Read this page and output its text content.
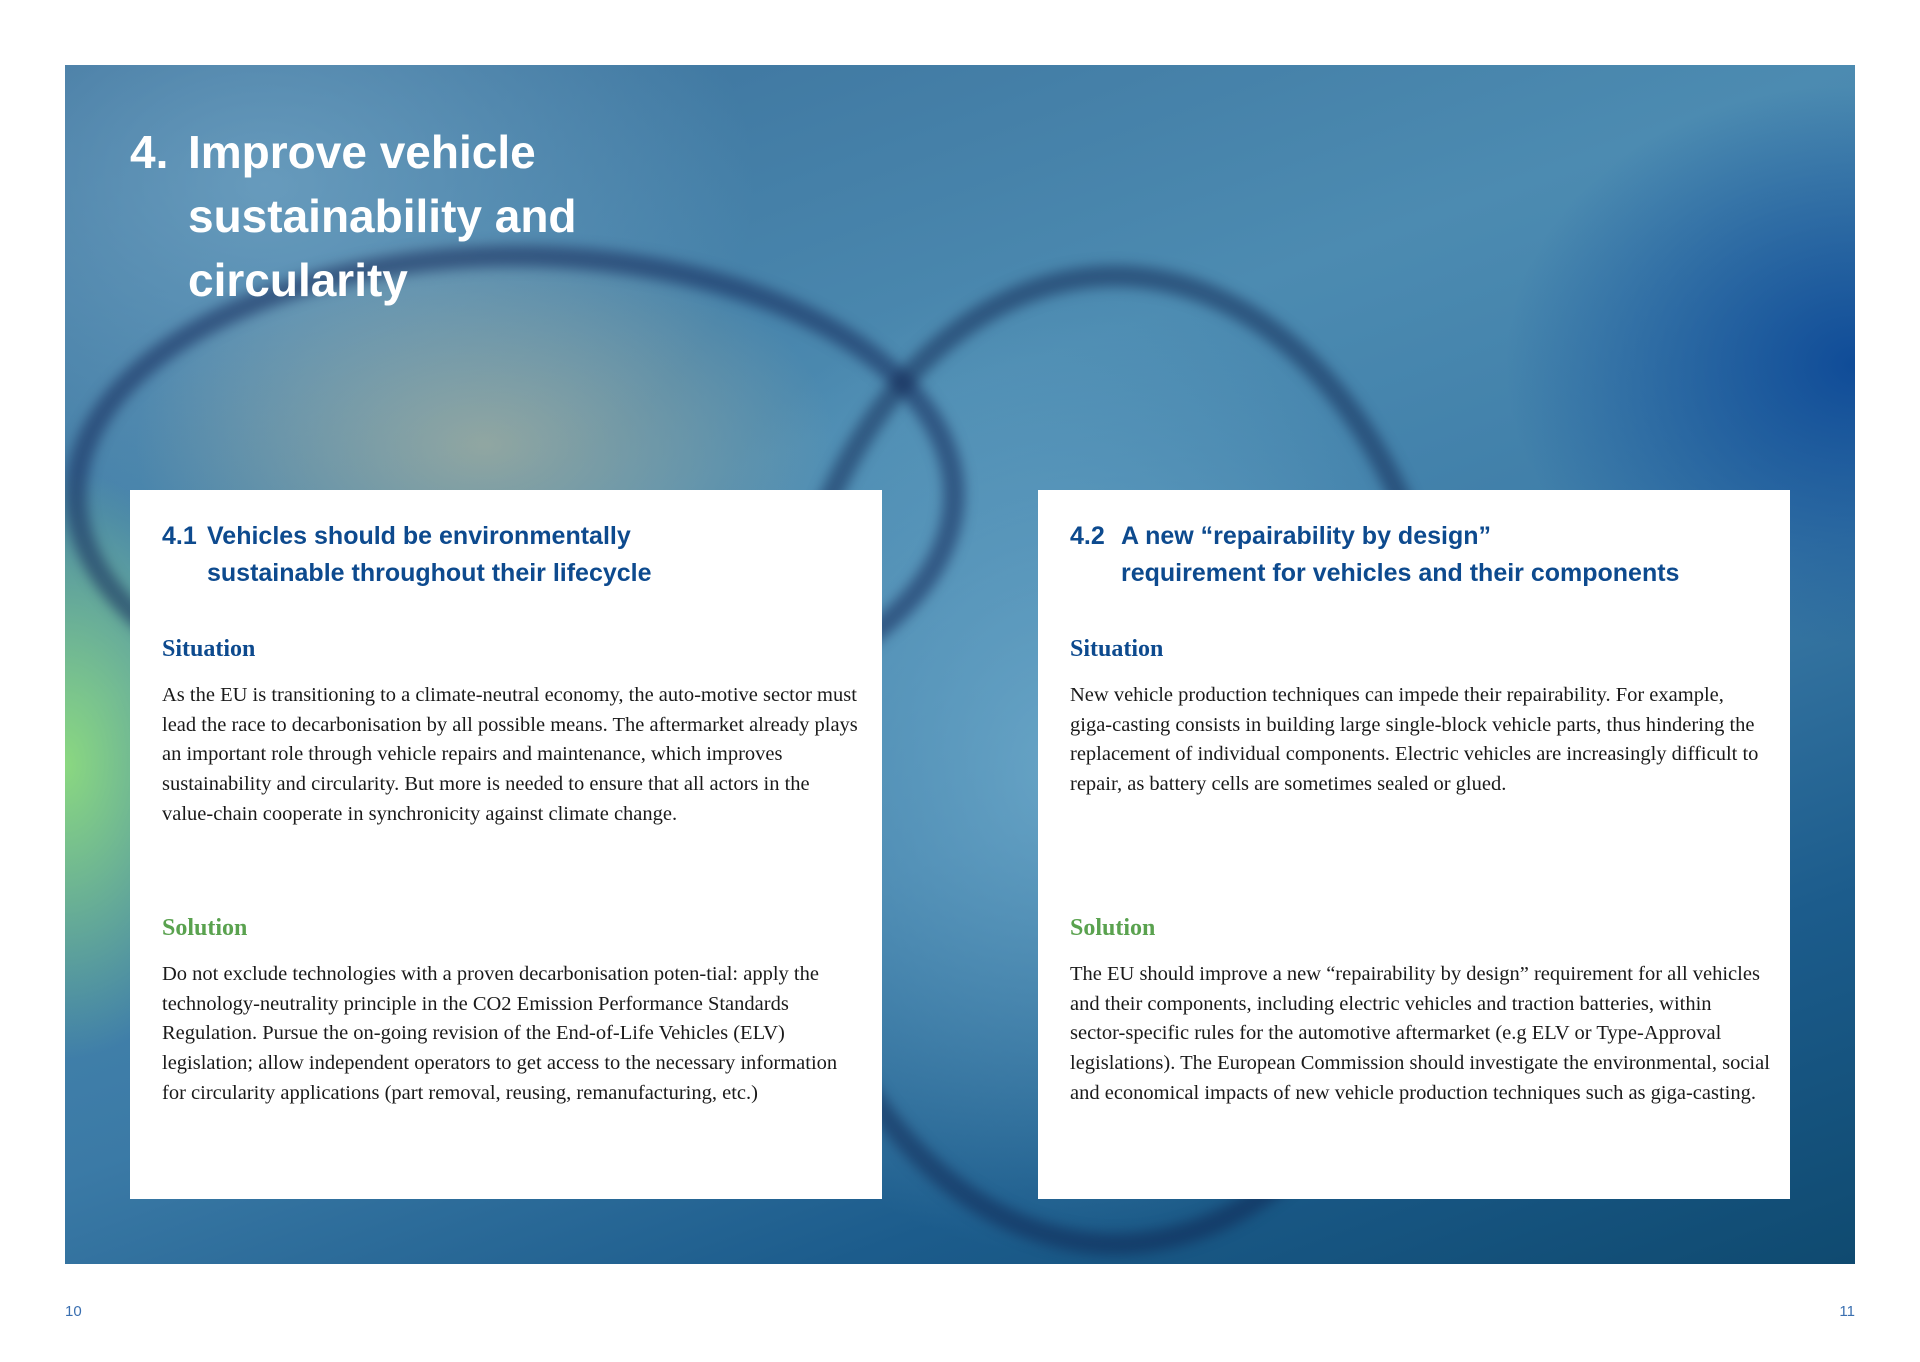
4. Improve vehicle
sustainability and
circularity
4.1 Vehicles should be environmentally
sustainable throughout their lifecycle
Situation

As the EU is transitioning to a climate-neutral economy, the auto-motive sector must lead the race to decarbonisation by all possible means. The aftermarket already plays an important role through vehicle repairs and maintenance, which improves sustainability and circularity. But more is needed to ensure that all actors in the value-chain cooperate in synchronicity against climate change.

Solution

Do not exclude technologies with a proven decarbonisation poten-tial: apply the technology-neutrality principle in the CO2 Emission Performance Standards Regulation. Pursue the on-going revision of the End-of-Life Vehicles (ELV) legislation; allow independent operators to get access to the necessary information for circularity applications (part removal, reusing, remanufacturing, etc.)

4.2 A new “repairability by design”
requirement for vehicles and their components
Situation

New vehicle production techniques can impede their repairability. For example, giga-casting consists in building large single-block vehicle parts, thus hindering the replacement of individual components. Electric vehicles are increasingly difficult to repair, as battery cells are sometimes sealed or glued.

Solution

The EU should improve a new “repairability by design” requirement for all vehicles and their components, including electric vehicles and traction batteries, within sector-specific rules for the automotive aftermarket (e.g ELV or Type-Approval legislations). The European Commission should investigate the environmental, social and economical impacts of new vehicle production techniques such as giga-casting.

10	11
